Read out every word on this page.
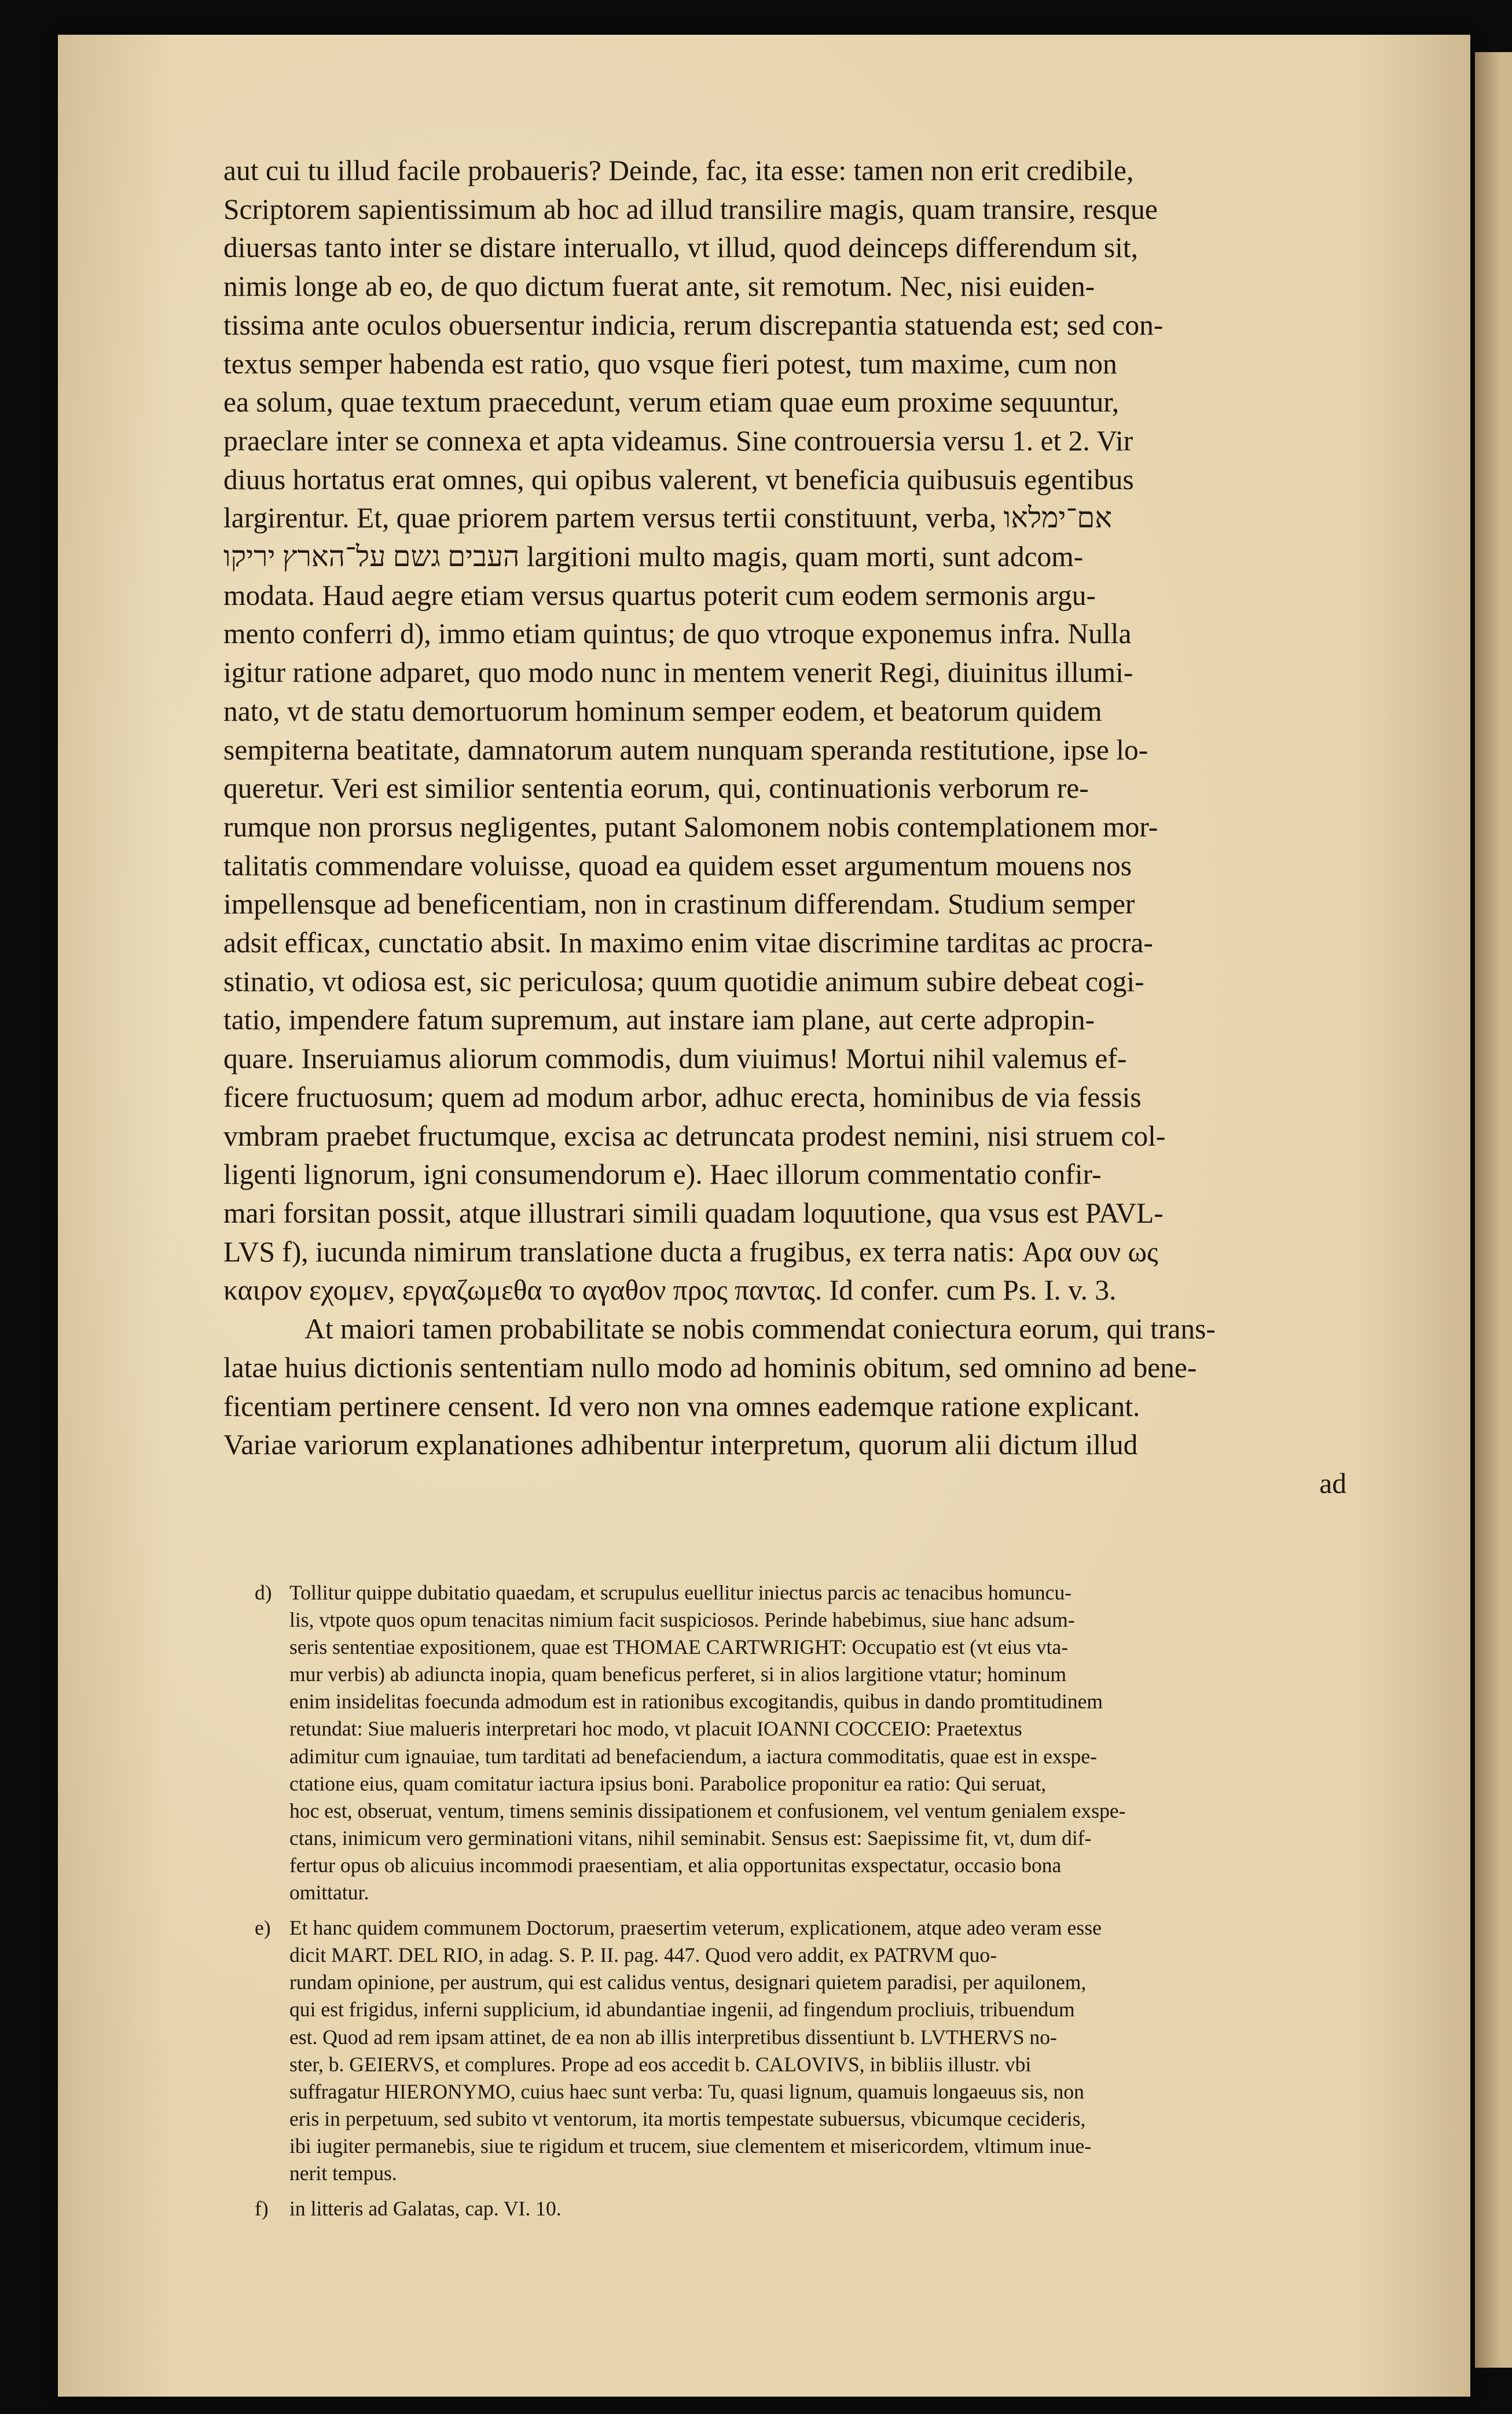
aut cui tu illud facile probaueris? Deinde, fac, ita esse: tamen non erit credibile,
Scriptorem sapientissimum ab hoc ad illud transilire magis, quam transire, resque
diuersas tanto inter se distare interuallo, vt illud, quod deinceps differendum sit,
nimis longe ab eo, de quo dictum fuerat ante, sit remotum. Nec, nisi euiden-
tissima ante oculos obuersentur indicia, rerum discrepantia statuenda est; sed con-
textus semper habenda est ratio, quo vsque fieri potest, tum maxime, cum non
ea solum, quae textum praecedunt, verum etiam quae eum proxime sequuntur,
praeclare inter se connexa et apta videamus. Sine controuersia versu 1. et 2. Vir
diuus hortatus erat omnes, qui opibus valerent, vt beneficia quibusuis egentibus
largirentur. Et, quae priorem partem versus tertii constituunt, verba, אם־ימלאו
העבים גשם על־הארץ יריקו largitioni multo magis, quam morti, sunt adcom-
modata. Haud aegre etiam versus quartus poterit cum eodem sermonis argu-
mento conferri d), immo etiam quintus; de quo vtroque exponemus infra. Nulla
igitur ratione adparet, quo modo nunc in mentem venerit Regi, diuinitus illumi-
nato, vt de statu demortuorum hominum semper eodem, et beatorum quidem
sempiterna beatitate, damnatorum autem nunquam speranda restitutione, ipse lo-
queretur. Veri est similior sententia eorum, qui, continuationis verborum re-
rumque non prorsus negligentes, putant Salomonem nobis contemplationem mor-
talitatis commendare voluisse, quoad ea quidem esset argumentum mouens nos
impellensque ad beneficentiam, non in crastinum differendam. Studium semper
adsit efficax, cunctatio absit. In maximo enim vitae discrimine tarditas ac procra-
stinatio, vt odiosa est, sic periculosa; quum quotidie animum subire debeat cogi-
tatio, impendere fatum supremum, aut instare iam plane, aut certe adpropin-
quare. Inseruiamus aliorum commodis, dum viuimus! Mortui nihil valemus ef-
ficere fructuosum; quem ad modum arbor, adhuc erecta, hominibus de via fessis
vmbram praebet fructumque, excisa ac detruncata prodest nemini, nisi struem col-
ligenti lignorum, igni consumendorum e). Haec illorum commentatio confir-
mari forsitan possit, atque illustrari simili quadam loquutione, qua vsus est PAVL-
LVS f), iucunda nimirum translatione ducta a frugibus, ex terra natis: Αρα ουν ως
καιρον εχομεν, εργαζωμεθα το αγαθον προς παντας. Id confer. cum Ps. I. v. 3.
At maiori tamen probabilitate se nobis commendat coniectura eorum, qui trans-
latae huius dictionis sententiam nullo modo ad hominis obitum, sed omnino ad bene-
ficentiam pertinere censent. Id vero non vna omnes eademque ratione explicant.
Variae variorum explanationes adhibentur interpretum, quorum alii dictum illud
ad
d) Tollitur quippe dubitatio quaedam, et scrupulus euellitur iniectus parcis ac tenacibus homuncu-
lis, vtpote quos opum tenacitas nimium facit suspiciosos. Perinde habebimus, siue hanc adsum-
seris sententiae expositionem, quae est THOMAE CARTWRIGHT: Occupatio est (vt eius vta-
mur verbis) ab adiuncta inopia, quam beneficus perferet, si in alios largitione vtatur; hominum
enim insidelitas foecunda admodum est in rationibus excogitandis, quibus in dando promtitudinem
retundat: Siue malueris interpretari hoc modo, vt placuit IOANNI COCCEIO: Praetextus
adimitur cum ignauiae, tum tarditati ad benefaciendum, a iactura commoditatis, quae est in exspe-
ctatione eius, quam comitatur iactura ipsius boni. Parabolice proponitur ea ratio: Qui seruat,
hoc est, obseruat, ventum, timens seminis dissipationem et confusionem, vel ventum genialem exspe-
ctans, inimicum vero germinationi vitans, nihil seminabit. Sensus est: Saepissime fit, vt, dum dif-
fertur opus ob alicuius incommodi praesentiam, et alia opportunitas exspectatur, occasio bona
omittatur.
e) Et hanc quidem communem Doctorum, praesertim veterum, explicationem, atque adeo veram esse
dicit MART. DEL RIO, in adag. S. P. II. pag. 447. Quod vero addit, ex PATRVM quo-
rundam opinione, per austrum, qui est calidus ventus, designari quietem paradisi, per aquilonem,
qui est frigidus, inferni supplicium, id abundantiae ingenii, ad fingendum procliuis, tribuendum
est. Quod ad rem ipsam attinet, de ea non ab illis interpretibus dissentiunt b. LVTHERVS no-
ster, b. GEIERVS, et complures. Prope ad eos accedit b. CALOVIVS, in bibliis illustr. vbi
suffragatur HIERONYMO, cuius haec sunt verba: Tu, quasi lignum, quamuis longaeuus sis, non
eris in perpetuum, sed subito vt ventorum, ita mortis tempestate subuersus, vbicumque cecideris,
ibi iugiter permanebis, siue te rigidum et trucem, siue clementem et misericordem, vltimum inue-
nerit tempus.
f) in litteris ad Galatas, cap. VI. 10.
